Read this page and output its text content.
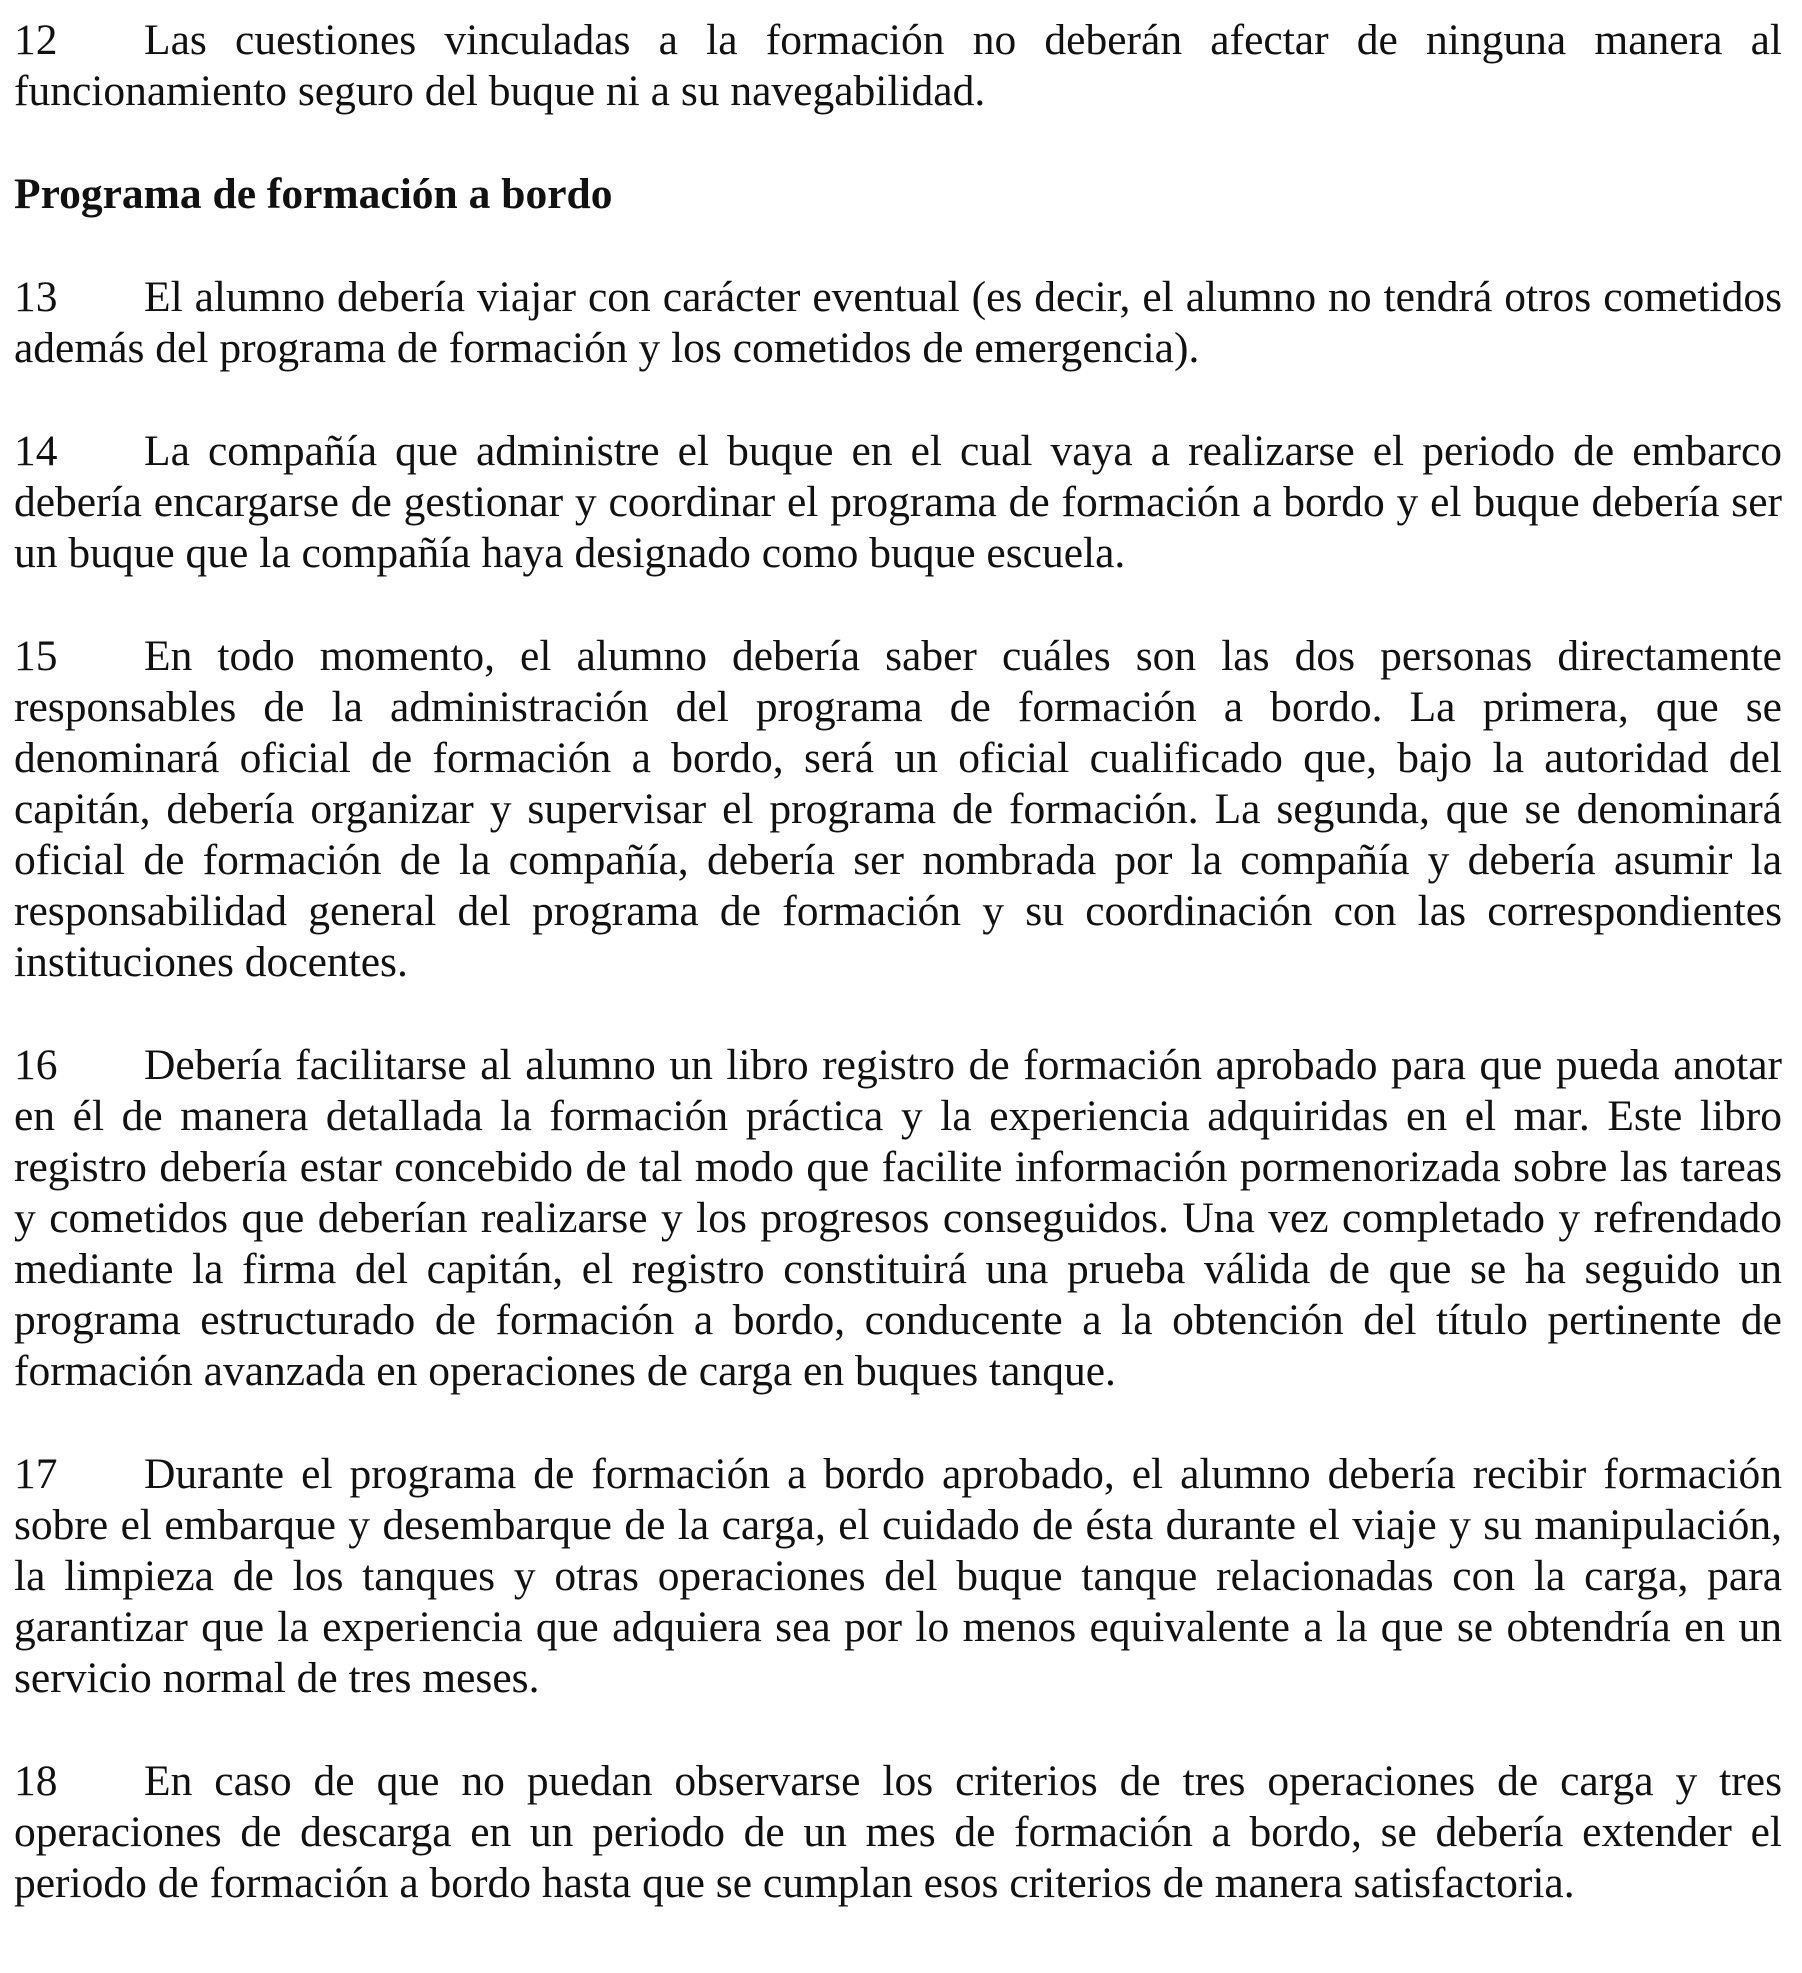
12 Las cuestiones vinculadas a la formación no deberán afectar de ninguna manera al funcionamiento seguro del buque ni a su navegabilidad.

Programa de formación a bordo

13 El alumno debería viajar con carácter eventual (es decir, el alumno no tendrá otros cometidos además del programa de formación y los cometidos de emergencia).

14 La compañía que administre el buque en el cual vaya a realizarse el periodo de embarco debería encargarse de gestionar y coordinar el programa de formación a bordo y el buque debería ser un buque que la compañía haya designado como buque escuela.

15 En todo momento, el alumno debería saber cuáles son las dos personas directamente responsables de la administración del programa de formación a bordo. La primera, que se denominará oficial de formación a bordo, será un oficial cualificado que, bajo la autoridad del capitán, debería organizar y supervisar el programa de formación. La segunda, que se denominará oficial de formación de la compañía, debería ser nombrada por la compañía y debería asumir la responsabilidad general del programa de formación y su coordinación con las correspondientes instituciones docentes.

16 Debería facilitarse al alumno un libro registro de formación aprobado para que pueda anotar en él de manera detallada la formación práctica y la experiencia adquiridas en el mar. Este libro registro debería estar concebido de tal modo que facilite información pormenorizada sobre las tareas y cometidos que deberían realizarse y los progresos conseguidos. Una vez completado y refrendado mediante la firma del capitán, el registro constituirá una prueba válida de que se ha seguido un programa estructurado de formación a bordo, conducente a la obtención del título pertinente de formación avanzada en operaciones de carga en buques tanque.

17 Durante el programa de formación a bordo aprobado, el alumno debería recibir formación sobre el embarque y desembarque de la carga, el cuidado de ésta durante el viaje y su manipulación, la limpieza de los tanques y otras operaciones del buque tanque relacionadas con la carga, para garantizar que la experiencia que adquiera sea por lo menos equivalente a la que se obtendría en un servicio normal de tres meses.

18 En caso de que no puedan observarse los criterios de tres operaciones de carga y tres operaciones de descarga en un periodo de un mes de formación a bordo, se debería extender el periodo de formación a bordo hasta que se cumplan esos criterios de manera satisfactoria.
